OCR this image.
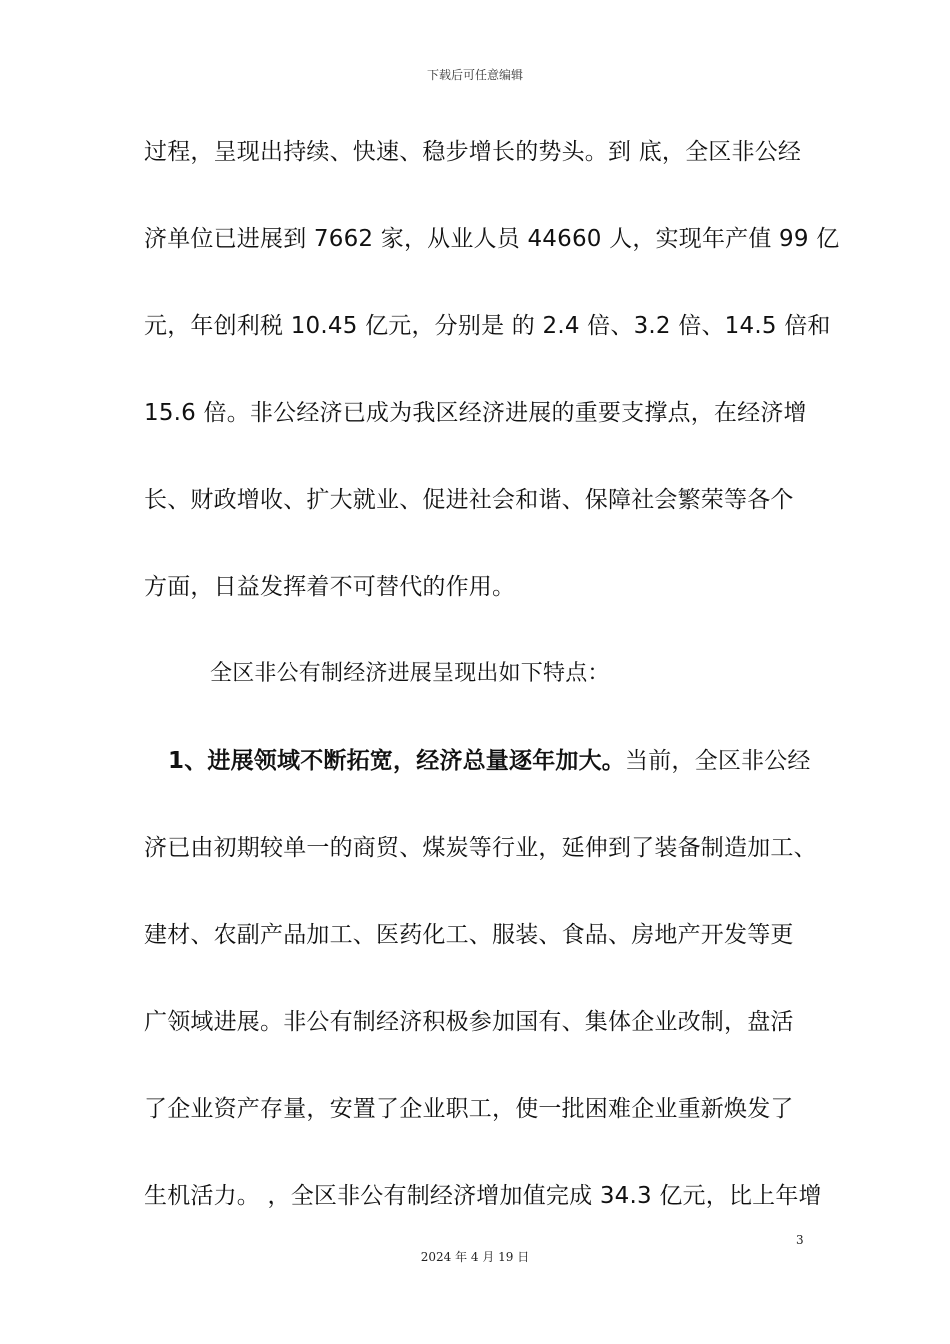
下载后可任意编辑
过程，呈现出持续、快速、稳步增长的势头。到 底，全区非公经
济单位已进展到 7662 家，从业人员 44660 人，实现年产值 99 亿
元，年创利税 10.45 亿元，分别是 的 2.4 倍、3.2 倍、14.5 倍和
15.6 倍。非公经济已成为我区经济进展的重要支撑点，在经济增
长、财政增收、扩大就业、促进社会和谐、保障社会繁荣等各个
方面，日益发挥着不可替代的作用。
全区非公有制经济进展呈现出如下特点：
1、进展领域不断拓宽，经济总量逐年加大。当前，全区非公经
济已由初期较单一的商贸、煤炭等行业，延伸到了装备制造加工、
建材、农副产品加工、医药化工、服装、食品、房地产开发等更
广领域进展。非公有制经济积极参加国有、集体企业改制，盘活
了企业资产存量，安置了企业职工，使一批困难企业重新焕发了
生机活力。 ，全区非公有制经济增加值完成 34.3 亿元，比上年增
3
2024 年 4 月 19 日
